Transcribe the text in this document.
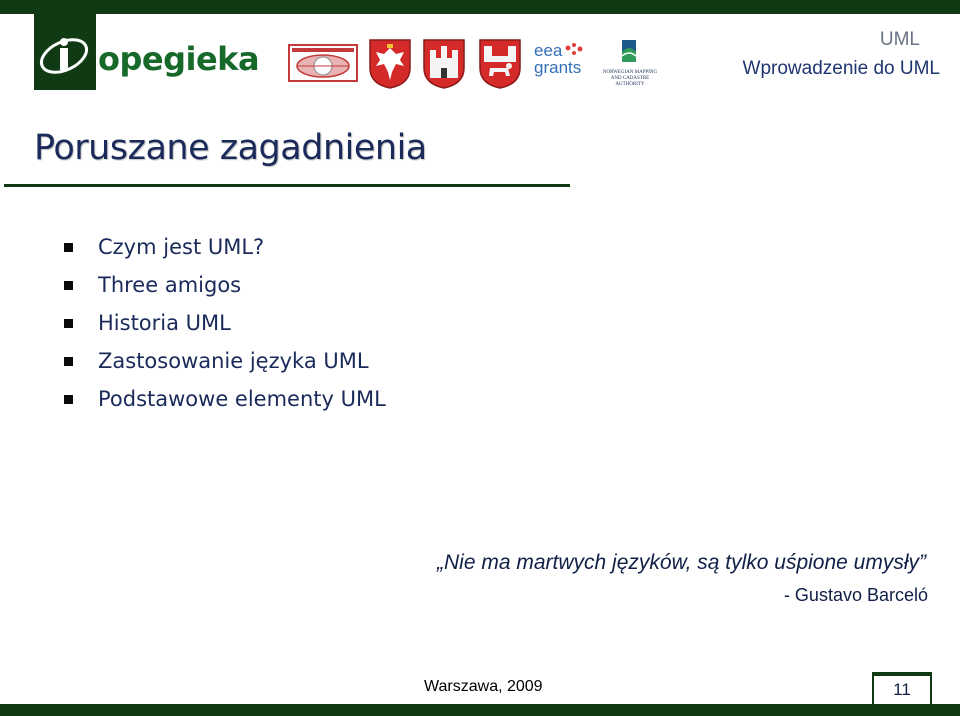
opegieka	eea
grants	NORWEGIAN MAPPING
AND CADASTRE
AUTHORITY
UML
Wprowadzenie do UML
Poruszane zagadnienia
Czym jest UML?
Three amigos
Historia UML
Zastosowanie języka UML
Podstawowe elementy UML
„Nie ma martwych języków, są tylko uśpione umysły”
- Gustavo Barceló
Warszawa, 2009	11
